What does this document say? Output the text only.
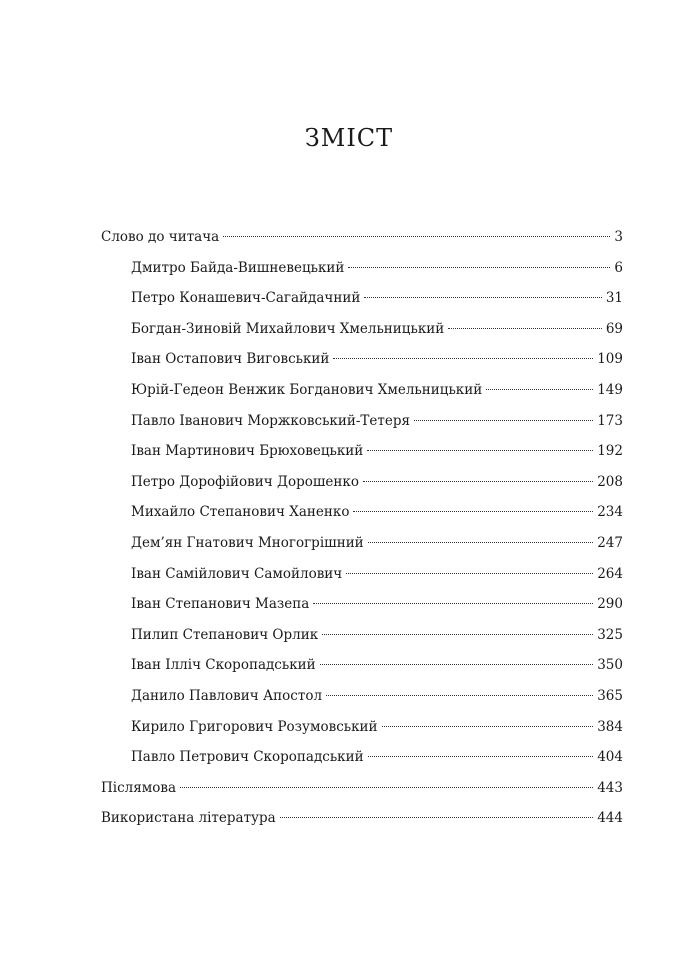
ЗМІСТ
Слово до читача	3
Дмитро Байда-Вишневецький	6
Петро Конашевич-Сагайдачний	31
Богдан-Зиновій Михайлович Хмельницький	69
Іван Остапович Виговський	109
Юрій-Гедеон Венжик Богданович Хмельницький	149
Павло Іванович Моржковський-Тетеря	173
Іван Мартинович Брюховецький	192
Петро Дорофійович Дорошенко	208
Михайло Степанович Ханенко	234
Дем’ян Гнатович Многогрішний	247
Іван Самійлович Самойлович	264
Іван Степанович Мазепа	290
Пилип Степанович Орлик	325
Іван Ілліч Скоропадський	350
Данило Павлович Апостол	365
Кирило Григорович Розумовський	384
Павло Петрович Скоропадський	404
Післямова	443
Використана література	444
